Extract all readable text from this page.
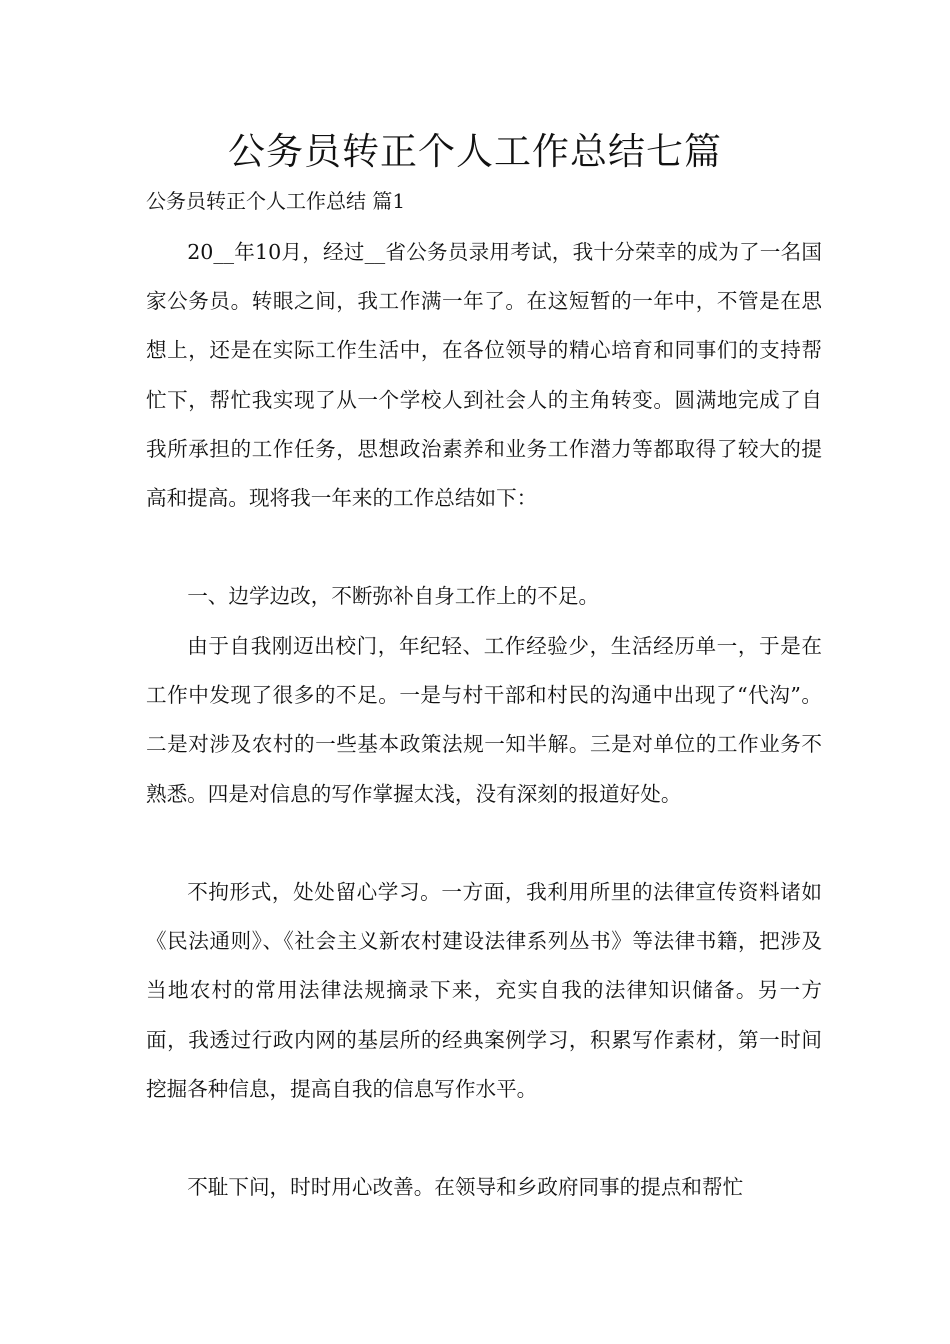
公务员转正个人工作总结七篇

公务员转正个人工作总结 篇1

20__年10月，经过__省公务员录用考试，我十分荣幸的成为了一名国家公务员。转眼之间，我工作满一年了。在这短暂的一年中，不管是在思想上，还是在实际工作生活中，在各位领导的精心培育和同事们的支持帮忙下，帮忙我实现了从一个学校人到社会人的主角转变。圆满地完成了自我所承担的工作任务，思想政治素养和业务工作潜力等都取得了较大的提高和提高。现将我一年来的工作总结如下：

一、边学边改，不断弥补自身工作上的不足。

由于自我刚迈出校门，年纪轻、工作经验少，生活经历单一，于是在工作中发现了很多的不足。一是与村干部和村民的沟通中出现了“代沟”。二是对涉及农村的一些基本政策法规一知半解。三是对单位的工作业务不熟悉。四是对信息的写作掌握太浅，没有深刻的报道好处。

不拘形式，处处留心学习。一方面，我利用所里的法律宣传资料诸如《民法通则》、《社会主义新农村建设法律系列丛书》等法律书籍，把涉及当地农村的常用法律法规摘录下来，充实自我的法律知识储备。另一方面，我透过行政内网的基层所的经典案例学习，积累写作素材，第一时间挖掘各种信息，提高自我的信息写作水平。

不耻下问，时时用心改善。在领导和乡政府同事的提点和帮忙
